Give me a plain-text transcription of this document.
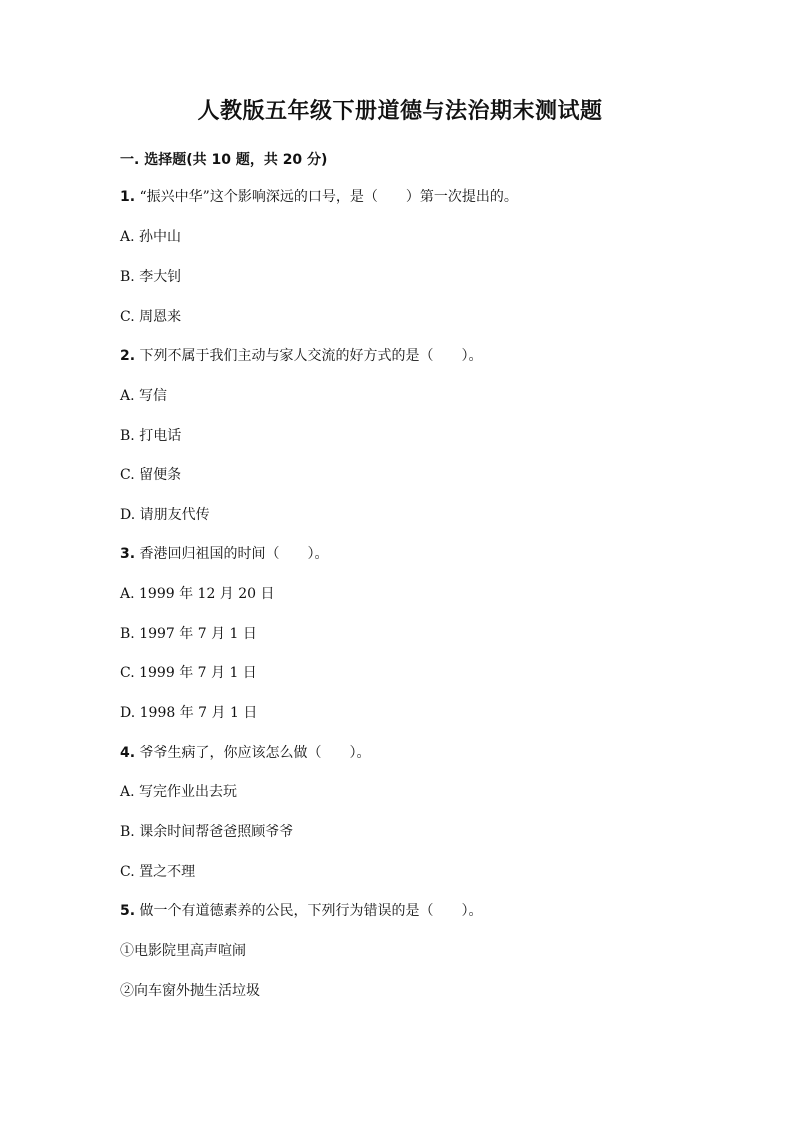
人教版五年级下册道德与法治期末测试题
一. 选择题(共 10 题，共 20 分)
1. “振兴中华”这个影响深远的口号，是（　　）第一次提出的。
A. 孙中山
B. 李大钊
C. 周恩来
2. 下列不属于我们主动与家人交流的好方式的是（　　）。
A. 写信
B. 打电话
C. 留便条
D. 请朋友代传
3. 香港回归祖国的时间（　　）。
A. 1999 年 12 月 20 日
B. 1997 年 7 月 1 日
C. 1999 年 7 月 1 日
D. 1998 年 7 月 1 日
4. 爷爷生病了，你应该怎么做（　　）。
A. 写完作业出去玩
B. 课余时间帮爸爸照顾爷爷
C. 置之不理
5. 做一个有道德素养的公民，下列行为错误的是（　　）。
①电影院里高声喧闹
②向车窗外抛生活垃圾
